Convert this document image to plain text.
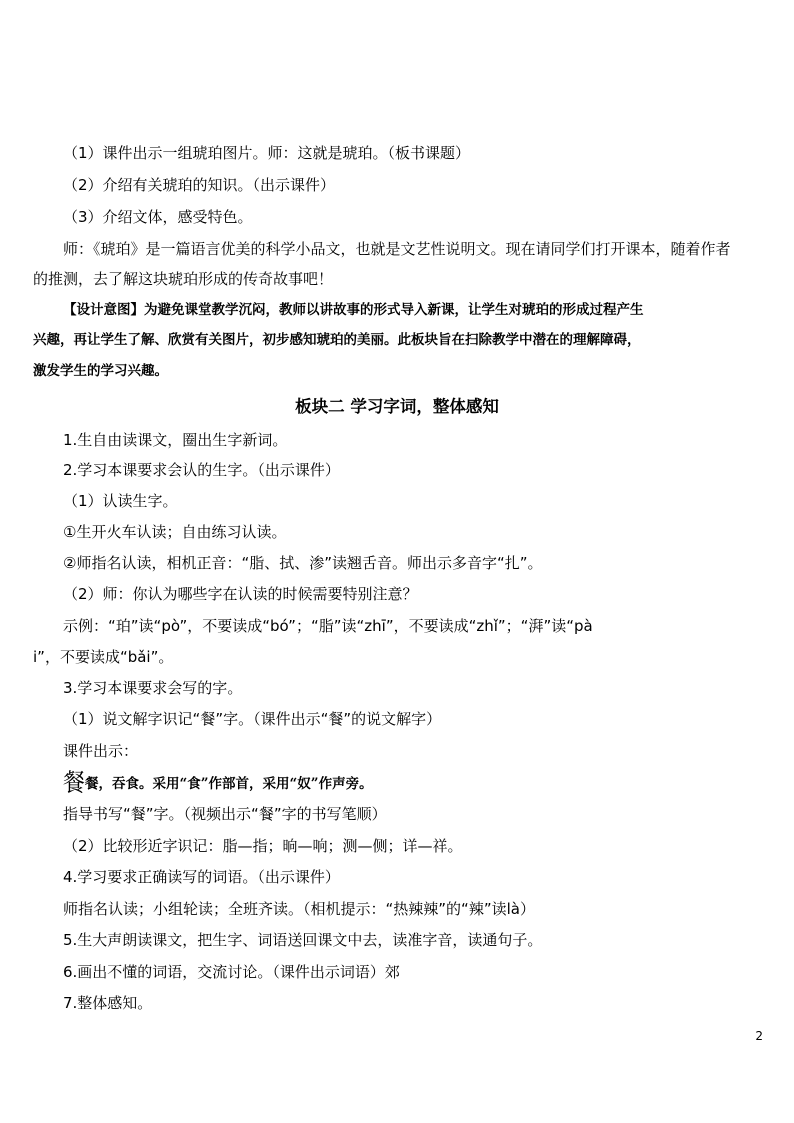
（1）课件出示一组琥珀图片。师：这就是琥珀。（板书课题）
（2）介绍有关琥珀的知识。（出示课件）
（3）介绍文体，感受特色。
师：《琥珀》是一篇语言优美的科学小品文，也就是文艺性说明文。现在请同学们打开课本，随着作者
的推测，去了解这块琥珀形成的传奇故事吧！
【设计意图】为避免课堂教学沉闷，教师以讲故事的形式导入新课，让学生对琥珀的形成过程产生
兴趣，再让学生了解、欣赏有关图片，初步感知琥珀的美丽。此板块旨在扫除教学中潜在的理解障碍，
激发学生的学习兴趣。
板块二 学习字词，整体感知
1.生自由读课文，圈出生字新词。
2.学习本课要求会认的生字。（出示课件）
（1）认读生字。
①生开火车认读；自由练习认读。
②师指名认读，相机正音：“脂、拭、渗”读翘舌音。师出示多音字“扎”。
（2）师：你认为哪些字在认读的时候需要特别注意？
示例：“珀”读“pò”，不要读成“bó”；“脂”读“zhī”，不要读成“zhǐ”；“湃”读“pà
i”，不要读成“bǎi”。
3.学习本课要求会写的字。
（1）说文解字识记“餐”字。（课件出示“餐”的说文解字）
课件出示：
餐餐，吞食。采用“食”作部首，采用“奴”作声旁。
指导书写“餐”字。（视频出示“餐”字的书写笔顺）
（2）比较形近字识记：脂—指；晌—响；测—侧；详—祥。
4.学习要求正确读写的词语。（出示课件）
师指名认读；小组轮读；全班齐读。（相机提示：“热辣辣”的“辣”读là）
5.生大声朗读课文，把生字、词语送回课文中去，读准字音，读通句子。
6.画出不懂的词语，交流讨论。（课件出示词语）郊
7.整体感知。
2
